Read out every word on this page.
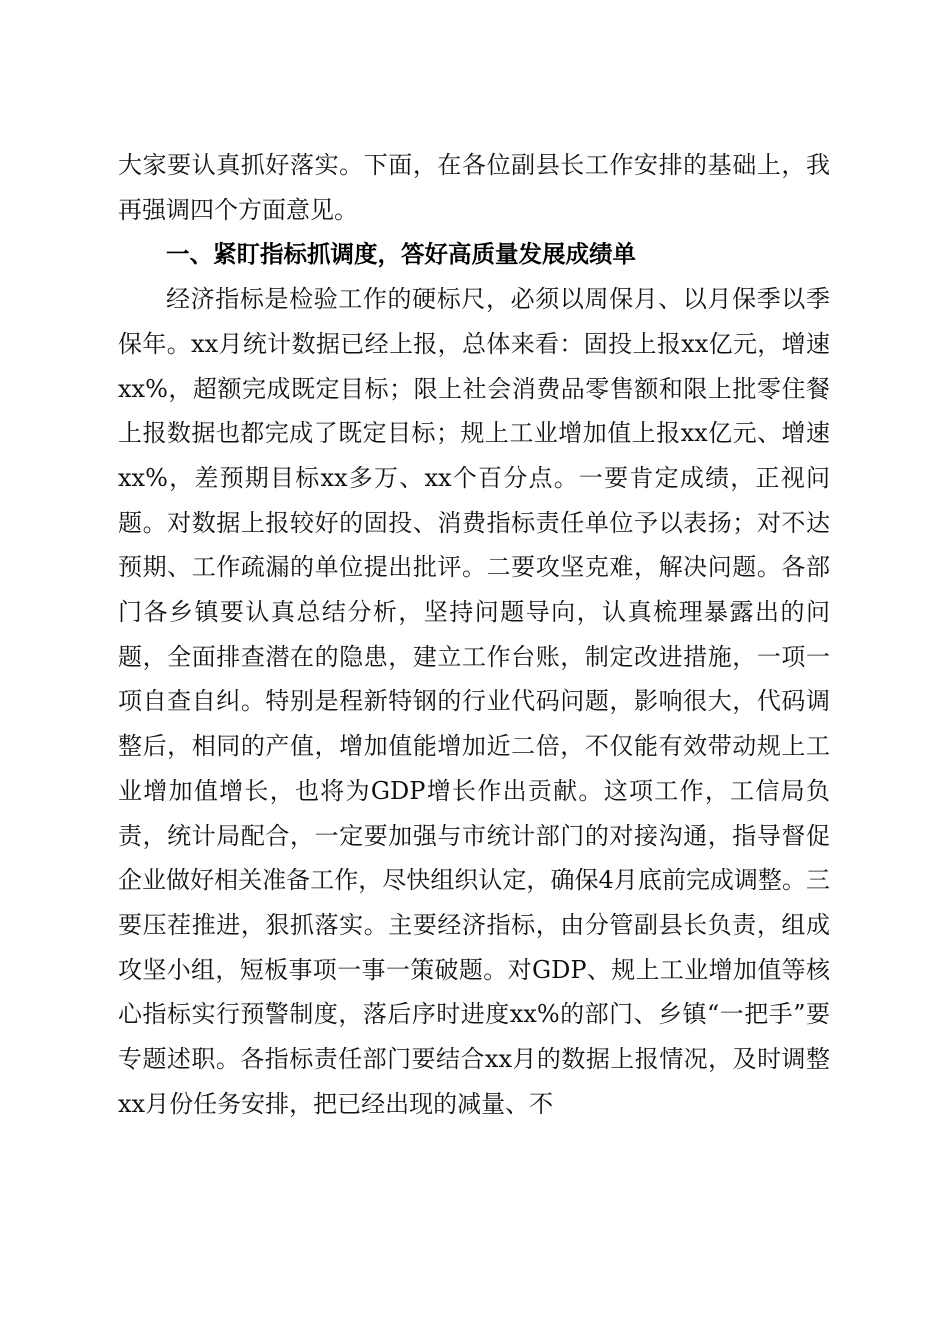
大家要认真抓好落实。下面，在各位副县长工作安排的基础上，我再强调四个方面意见。

一、紧盯指标抓调度，答好高质量发展成绩单

经济指标是检验工作的硬标尺，必须以周保月、以月保季以季保年。xx月统计数据已经上报，总体来看：固投上报xx亿元，增速xx%，超额完成既定目标；限上社会消费品零售额和限上批零住餐上报数据也都完成了既定目标；规上工业增加值上报xx亿元、增速xx%，差预期目标xx多万、xx个百分点。一要肯定成绩，正视问题。对数据上报较好的固投、消费指标责任单位予以表扬；对不达预期、工作疏漏的单位提出批评。二要攻坚克难，解决问题。各部门各乡镇要认真总结分析，坚持问题导向，认真梳理暴露出的问题，全面排查潜在的隐患，建立工作台账，制定改进措施，一项一项自查自纠。特别是程新特钢的行业代码问题，影响很大，代码调整后，相同的产值，增加值能增加近二倍，不仅能有效带动规上工业增加值增长，也将为GDP增长作出贡献。这项工作，工信局负责，统计局配合，一定要加强与市统计部门的对接沟通，指导督促企业做好相关准备工作，尽快组织认定，确保4月底前完成调整。三要压茬推进，狠抓落实。主要经济指标，由分管副县长负责，组成攻坚小组，短板事项一事一策破题。对GDP、规上工业增加值等核心指标实行预警制度，落后序时进度xx%的部门、乡镇“一把手”要专题述职。各指标责任部门要结合xx月的数据上报情况，及时调整xx月份任务安排，把已经出现的减量、不
